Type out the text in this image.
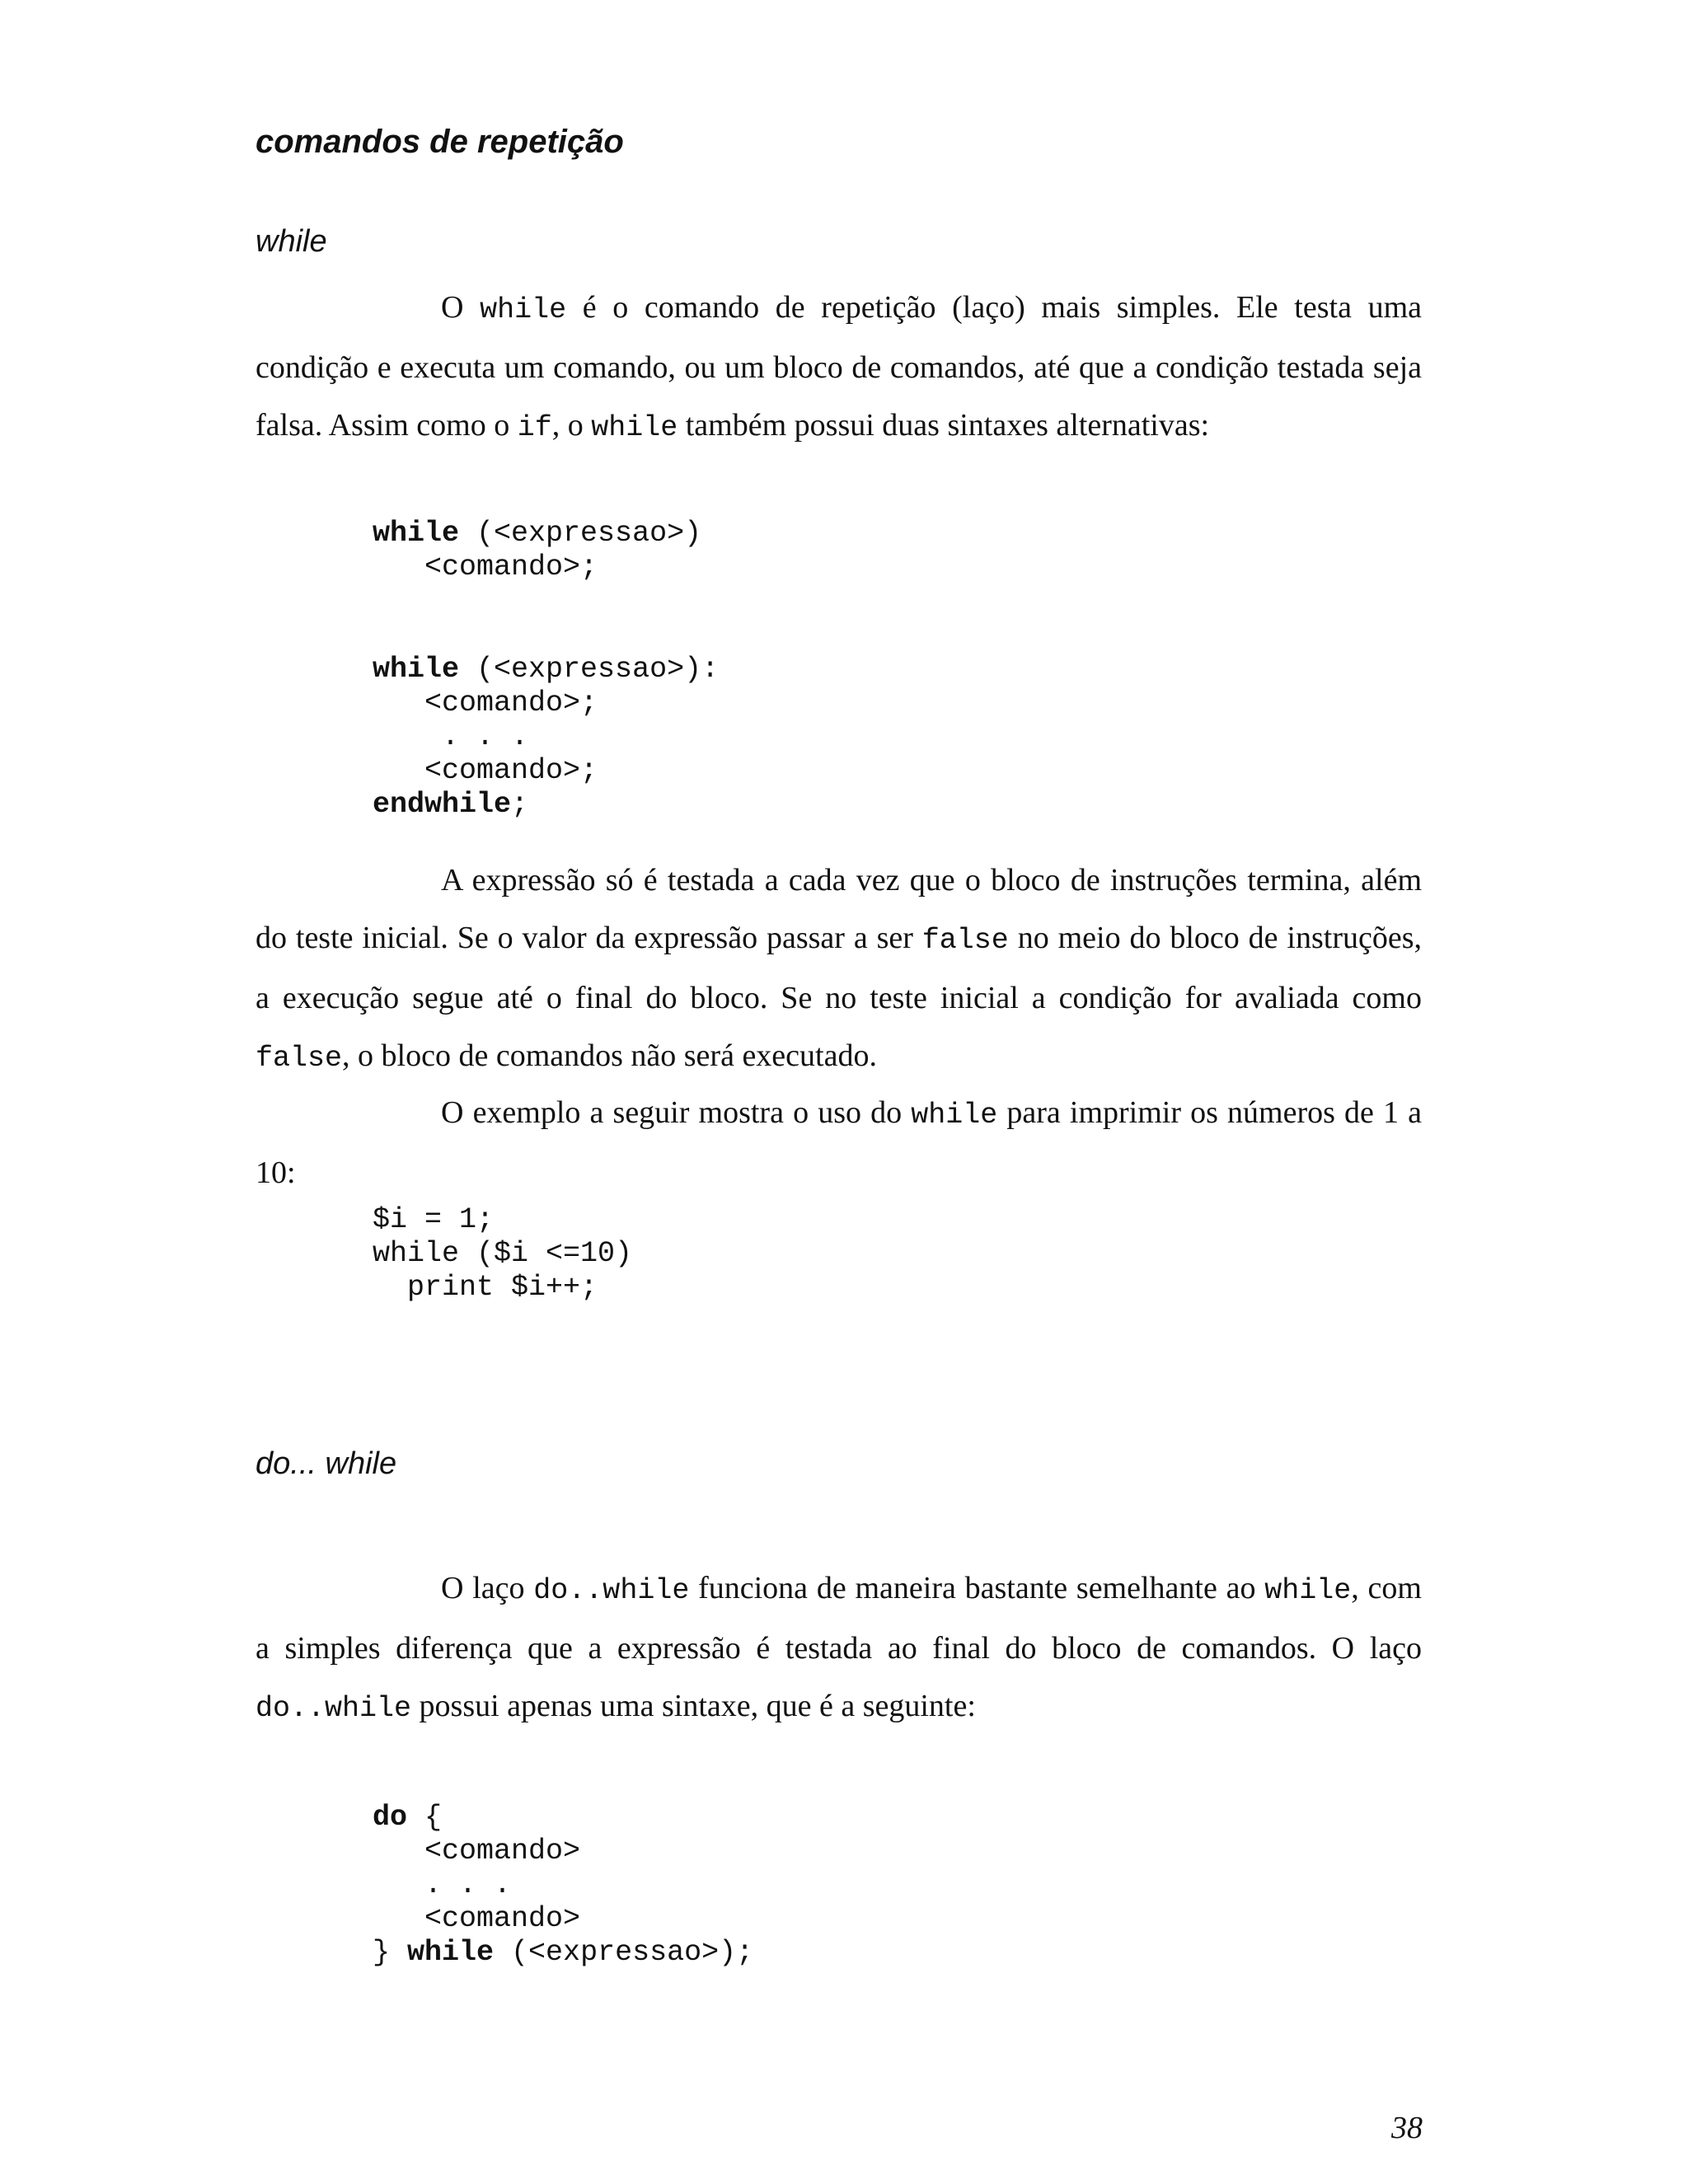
comandos de repetição
while
O while é o comando de repetição (laço) mais simples. Ele testa uma condição e executa um comando, ou um bloco de comandos, até que a condição testada seja falsa. Assim como o if, o while também possui duas sintaxes alternativas:
while (<expressao>)
<comando>;
while (<expressao>):
<comando>;
. . .
<comando>;
endwhile;
A expressão só é testada a cada vez que o bloco de instruções termina, além do teste inicial. Se o valor da expressão passar a ser false no meio do bloco de instruções, a execução segue até o final do bloco. Se no teste inicial a condição for avaliada como false, o bloco de comandos não será executado.
O exemplo a seguir mostra o uso do while para imprimir os números de 1 a 10:
$i = 1;
while ($i <=10)
print $i++;
do... while
O laço do..while funciona de maneira bastante semelhante ao while, com a simples diferença que a expressão é testada ao final do bloco de comandos. O laço do..while possui apenas uma sintaxe, que é a seguinte:
do {
<comando>
. . .
<comando>
} while (<expressao>);
38
